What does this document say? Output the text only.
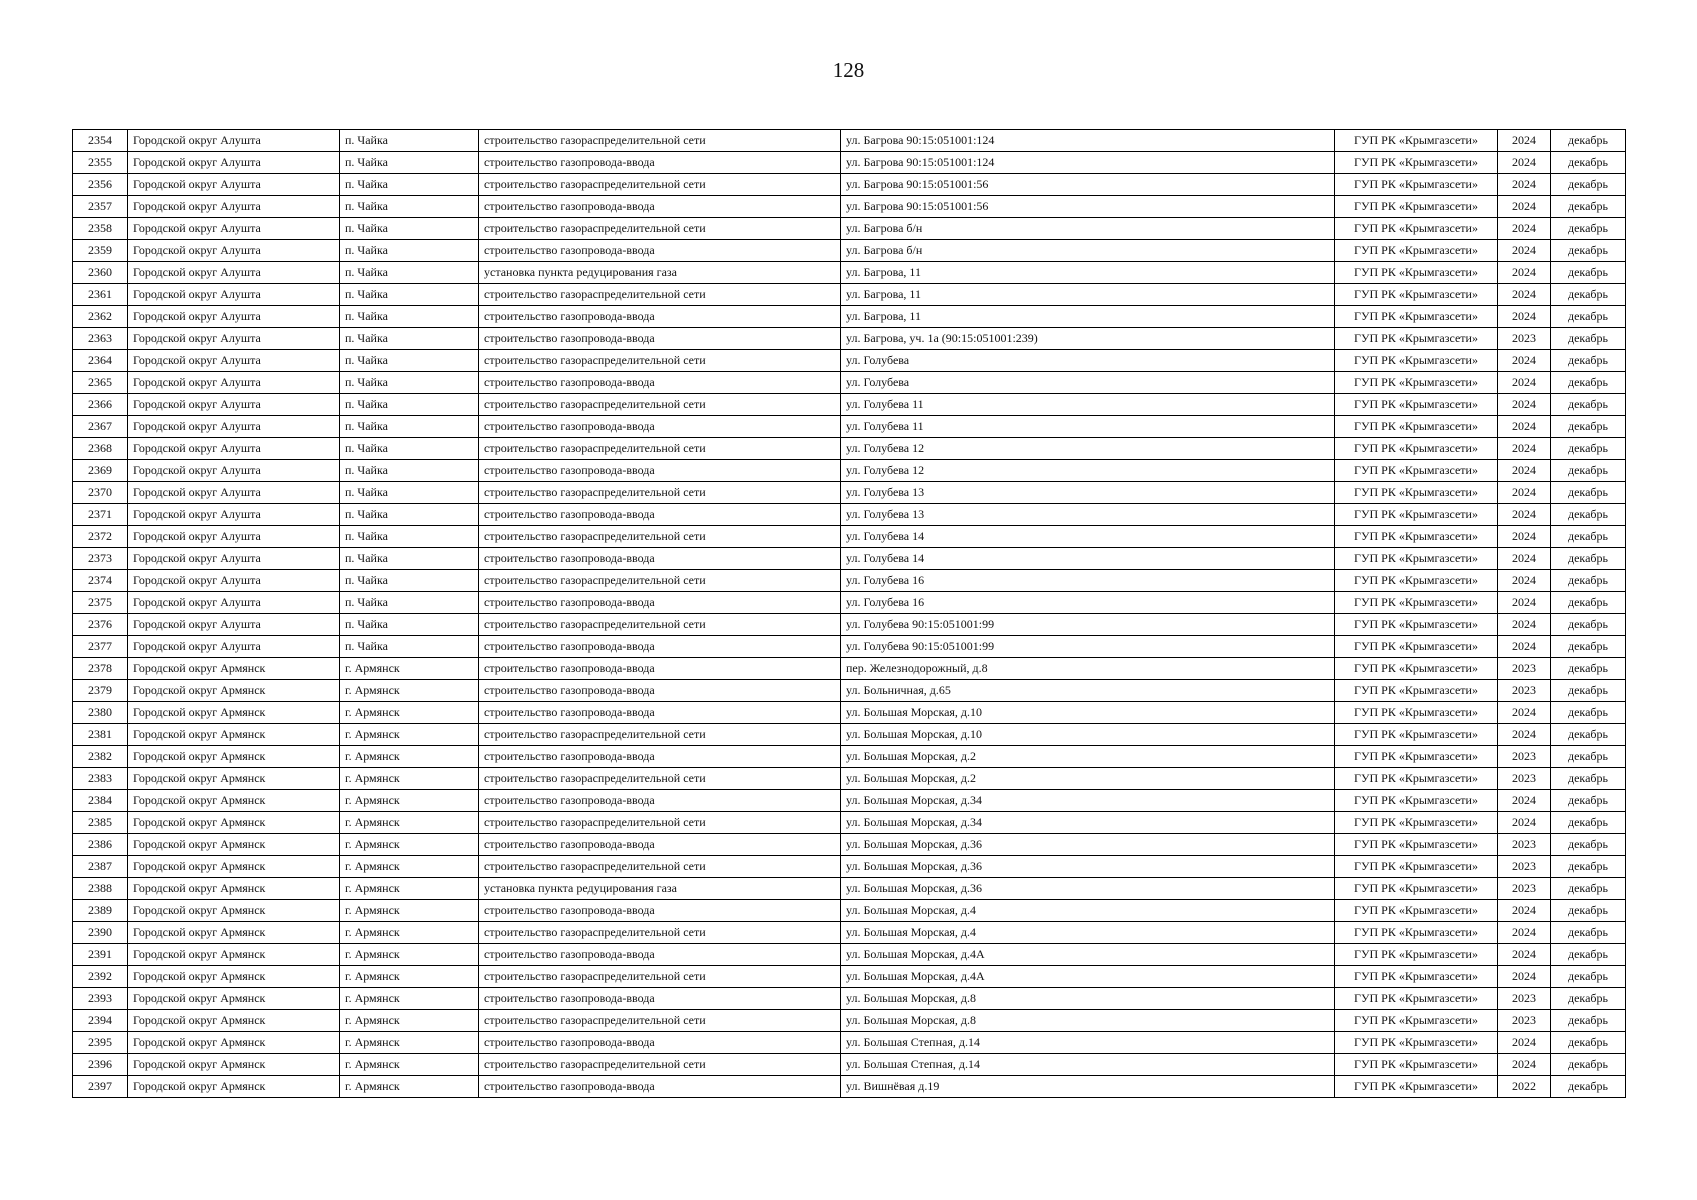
128
2354	Городской округ Алушта	п. Чайка	строительство газораспределительной сети	ул. Багрова 90:15:051001:124	ГУП РК «Крымгазсети»	2024	декабрь
2355	Городской округ Алушта	п. Чайка	строительство газопровода-ввода	ул. Багрова 90:15:051001:124	ГУП РК «Крымгазсети»	2024	декабрь
2356	Городской округ Алушта	п. Чайка	строительство газораспределительной сети	ул. Багрова 90:15:051001:56	ГУП РК «Крымгазсети»	2024	декабрь
2357	Городской округ Алушта	п. Чайка	строительство газопровода-ввода	ул. Багрова 90:15:051001:56	ГУП РК «Крымгазсети»	2024	декабрь
2358	Городской округ Алушта	п. Чайка	строительство газораспределительной сети	ул. Багрова б/н	ГУП РК «Крымгазсети»	2024	декабрь
2359	Городской округ Алушта	п. Чайка	строительство газопровода-ввода	ул. Багрова б/н	ГУП РК «Крымгазсети»	2024	декабрь
2360	Городской округ Алушта	п. Чайка	установка пункта редуцирования газа	ул. Багрова, 11	ГУП РК «Крымгазсети»	2024	декабрь
2361	Городской округ Алушта	п. Чайка	строительство газораспределительной сети	ул. Багрова, 11	ГУП РК «Крымгазсети»	2024	декабрь
2362	Городской округ Алушта	п. Чайка	строительство газопровода-ввода	ул. Багрова, 11	ГУП РК «Крымгазсети»	2024	декабрь
2363	Городской округ Алушта	п. Чайка	строительство газопровода-ввода	ул. Багрова, уч. 1а (90:15:051001:239)	ГУП РК «Крымгазсети»	2023	декабрь
2364	Городской округ Алушта	п. Чайка	строительство газораспределительной сети	ул. Голубева	ГУП РК «Крымгазсети»	2024	декабрь
2365	Городской округ Алушта	п. Чайка	строительство газопровода-ввода	ул. Голубева	ГУП РК «Крымгазсети»	2024	декабрь
2366	Городской округ Алушта	п. Чайка	строительство газораспределительной сети	ул. Голубева 11	ГУП РК «Крымгазсети»	2024	декабрь
2367	Городской округ Алушта	п. Чайка	строительство газопровода-ввода	ул. Голубева 11	ГУП РК «Крымгазсети»	2024	декабрь
2368	Городской округ Алушта	п. Чайка	строительство газораспределительной сети	ул. Голубева 12	ГУП РК «Крымгазсети»	2024	декабрь
2369	Городской округ Алушта	п. Чайка	строительство газопровода-ввода	ул. Голубева 12	ГУП РК «Крымгазсети»	2024	декабрь
2370	Городской округ Алушта	п. Чайка	строительство газораспределительной сети	ул. Голубева 13	ГУП РК «Крымгазсети»	2024	декабрь
2371	Городской округ Алушта	п. Чайка	строительство газопровода-ввода	ул. Голубева 13	ГУП РК «Крымгазсети»	2024	декабрь
2372	Городской округ Алушта	п. Чайка	строительство газораспределительной сети	ул. Голубева 14	ГУП РК «Крымгазсети»	2024	декабрь
2373	Городской округ Алушта	п. Чайка	строительство газопровода-ввода	ул. Голубева 14	ГУП РК «Крымгазсети»	2024	декабрь
2374	Городской округ Алушта	п. Чайка	строительство газораспределительной сети	ул. Голубева 16	ГУП РК «Крымгазсети»	2024	декабрь
2375	Городской округ Алушта	п. Чайка	строительство газопровода-ввода	ул. Голубева 16	ГУП РК «Крымгазсети»	2024	декабрь
2376	Городской округ Алушта	п. Чайка	строительство газораспределительной сети	ул. Голубева 90:15:051001:99	ГУП РК «Крымгазсети»	2024	декабрь
2377	Городской округ Алушта	п. Чайка	строительство газопровода-ввода	ул. Голубева 90:15:051001:99	ГУП РК «Крымгазсети»	2024	декабрь
2378	Городской округ Армянск	г. Армянск	строительство газопровода-ввода	пер. Железнодорожный, д.8	ГУП РК «Крымгазсети»	2023	декабрь
2379	Городской округ Армянск	г. Армянск	строительство газопровода-ввода	ул. Больничная, д.65	ГУП РК «Крымгазсети»	2023	декабрь
2380	Городской округ Армянск	г. Армянск	строительство газопровода-ввода	ул. Большая Морская, д.10	ГУП РК «Крымгазсети»	2024	декабрь
2381	Городской округ Армянск	г. Армянск	строительство газораспределительной сети	ул. Большая Морская, д.10	ГУП РК «Крымгазсети»	2024	декабрь
2382	Городской округ Армянск	г. Армянск	строительство газопровода-ввода	ул. Большая Морская, д.2	ГУП РК «Крымгазсети»	2023	декабрь
2383	Городской округ Армянск	г. Армянск	строительство газораспределительной сети	ул. Большая Морская, д.2	ГУП РК «Крымгазсети»	2023	декабрь
2384	Городской округ Армянск	г. Армянск	строительство газопровода-ввода	ул. Большая Морская, д.34	ГУП РК «Крымгазсети»	2024	декабрь
2385	Городской округ Армянск	г. Армянск	строительство газораспределительной сети	ул. Большая Морская, д.34	ГУП РК «Крымгазсети»	2024	декабрь
2386	Городской округ Армянск	г. Армянск	строительство газопровода-ввода	ул. Большая Морская, д.36	ГУП РК «Крымгазсети»	2023	декабрь
2387	Городской округ Армянск	г. Армянск	строительство газораспределительной сети	ул. Большая Морская, д.36	ГУП РК «Крымгазсети»	2023	декабрь
2388	Городской округ Армянск	г. Армянск	установка пункта редуцирования газа	ул. Большая Морская, д.36	ГУП РК «Крымгазсети»	2023	декабрь
2389	Городской округ Армянск	г. Армянск	строительство газопровода-ввода	ул. Большая Морская, д.4	ГУП РК «Крымгазсети»	2024	декабрь
2390	Городской округ Армянск	г. Армянск	строительство газораспределительной сети	ул. Большая Морская, д.4	ГУП РК «Крымгазсети»	2024	декабрь
2391	Городской округ Армянск	г. Армянск	строительство газопровода-ввода	ул. Большая Морская, д.4А	ГУП РК «Крымгазсети»	2024	декабрь
2392	Городской округ Армянск	г. Армянск	строительство газораспределительной сети	ул. Большая Морская, д.4А	ГУП РК «Крымгазсети»	2024	декабрь
2393	Городской округ Армянск	г. Армянск	строительство газопровода-ввода	ул. Большая Морская, д.8	ГУП РК «Крымгазсети»	2023	декабрь
2394	Городской округ Армянск	г. Армянск	строительство газораспределительной сети	ул. Большая Морская, д.8	ГУП РК «Крымгазсети»	2023	декабрь
2395	Городской округ Армянск	г. Армянск	строительство газопровода-ввода	ул. Большая Степная, д.14	ГУП РК «Крымгазсети»	2024	декабрь
2396	Городской округ Армянск	г. Армянск	строительство газораспределительной сети	ул. Большая Степная, д.14	ГУП РК «Крымгазсети»	2024	декабрь
2397	Городской округ Армянск	г. Армянск	строительство газопровода-ввода	ул. Вишнёвая д.19	ГУП РК «Крымгазсети»	2022	декабрь
